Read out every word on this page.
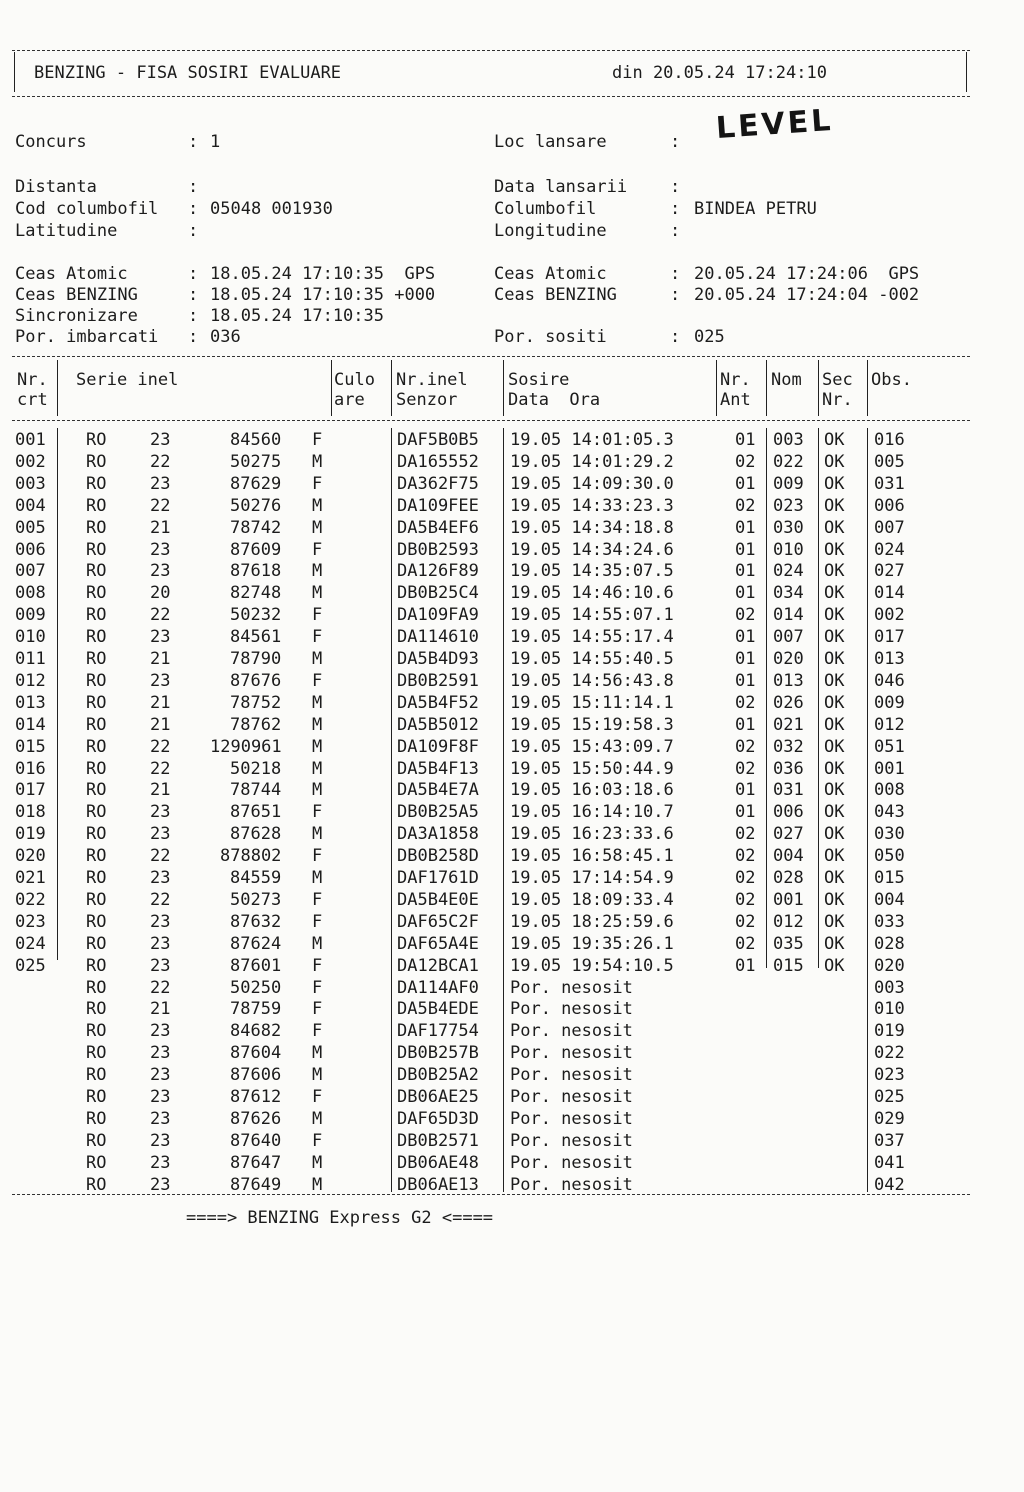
BENZING - FISA SOSIRI EVALUARE	din 20.05.24 17:24:10
Concurs	: 1
Distanta	:
Cod columbofil : 05048 001930
Latitudine	:
Ceas Atomic	: 18.05.24 17:10:35  GPS
Ceas BENZING	: 18.05.24 17:10:35 +000
Sincronizare	: 18.05.24 17:10:35
Por. imbarcati : 036
Loc lansare	: LEVEL
Data lansarii	:
Columbofil	: BINDEA PETRU
Longitudine	:
Ceas Atomic	: 20.05.24 17:24:06  GPS
Ceas BENZING	: 20.05.24 17:24:04 -002
Por. sositi	: 025
Nr.
crt
Serie inel	Culo
are
Nr.inel
Senzor
Sosire
Data  Ora
Nr.
Ant
Nom Sec
Nr.
Obs.
001 RO	23	84560 F	DAF5B0B5 19.05 14:01:05.3	01 003 OK 016
002 RO	22	50275 M	DA165552 19.05 14:01:29.2	02 022 OK 005
003 RO	23	87629 F	DA362F75 19.05 14:09:30.0	01 009 OK 031
004 RO	22	50276 M	DA109FEE 19.05 14:33:23.3	02 023 OK 006
005 RO	21	78742 M	DA5B4EF6 19.05 14:34:18.8	01 030 OK 007
006 RO	23	87609 F	DB0B2593 19.05 14:34:24.6	01 010 OK 024
007 RO	23	87618 M	DA126F89 19.05 14:35:07.5	01 024 OK 027
008 RO	20	82748 M	DB0B25C4 19.05 14:46:10.6	01 034 OK 014
009 RO	22	50232 F	DA109FA9 19.05 14:55:07.1	02 014 OK 002
010 RO	23	84561 F	DA114610 19.05 14:55:17.4	01 007 OK 017
011 RO	21	78790 M	DA5B4D93 19.05 14:55:40.5	01 020 OK 013
012 RO	23	87676 F	DB0B2591 19.05 14:56:43.8	01 013 OK 046
013 RO	21	78752 M	DA5B4F52 19.05 15:11:14.1	02 026 OK 009
014 RO	21	78762 M	DA5B5012 19.05 15:19:58.3	01 021 OK 012
015 RO	22 1290961 M	DA109F8F 19.05 15:43:09.7	02 032 OK 051
016 RO	22	50218 M	DA5B4F13 19.05 15:50:44.9	02 036 OK 001
017 RO	21	78744 M	DA5B4E7A 19.05 16:03:18.6	01 031 OK 008
018 RO	23	87651 F	DB0B25A5 19.05 16:14:10.7	01 006 OK 043
019 RO	23	87628 M	DA3A1858 19.05 16:23:33.6	02 027 OK 030
020 RO	22	878802 F	DB0B258D 19.05 16:58:45.1	02 004 OK 050
021 RO	23	84559 M	DAF1761D 19.05 17:14:54.9	02 028 OK 015
022 RO	22	50273 F	DA5B4E0E 19.05 18:09:33.4	02 001 OK 004
023 RO	23	87632 F	DAF65C2F 19.05 18:25:59.6	02 012 OK 033
024 RO	23	87624 M	DAF65A4E 19.05 19:35:26.1	02 035 OK 028
025 RO	23	87601 F	DA12BCA1 19.05 19:54:10.5	01 015 OK 020
RO	22	50250 F	DA114AF0 Por. nesosit	003
RO	21	78759 F	DA5B4EDE Por. nesosit	010
RO	23	84682 F	DAF17754 Por. nesosit	019
RO	23	87604 M	DB0B257B Por. nesosit	022
RO	23	87606 M	DB0B25A2 Por. nesosit	023
RO	23	87612 F	DB06AE25 Por. nesosit	025
RO	23	87626 M	DAF65D3D Por. nesosit	029
RO	23	87640 F	DB0B2571 Por. nesosit	037
RO	23	87647 M	DB06AE48 Por. nesosit	041
RO	23	87649 M	DB06AE13 Por. nesosit	042
====> BENZING Express G2 <====
